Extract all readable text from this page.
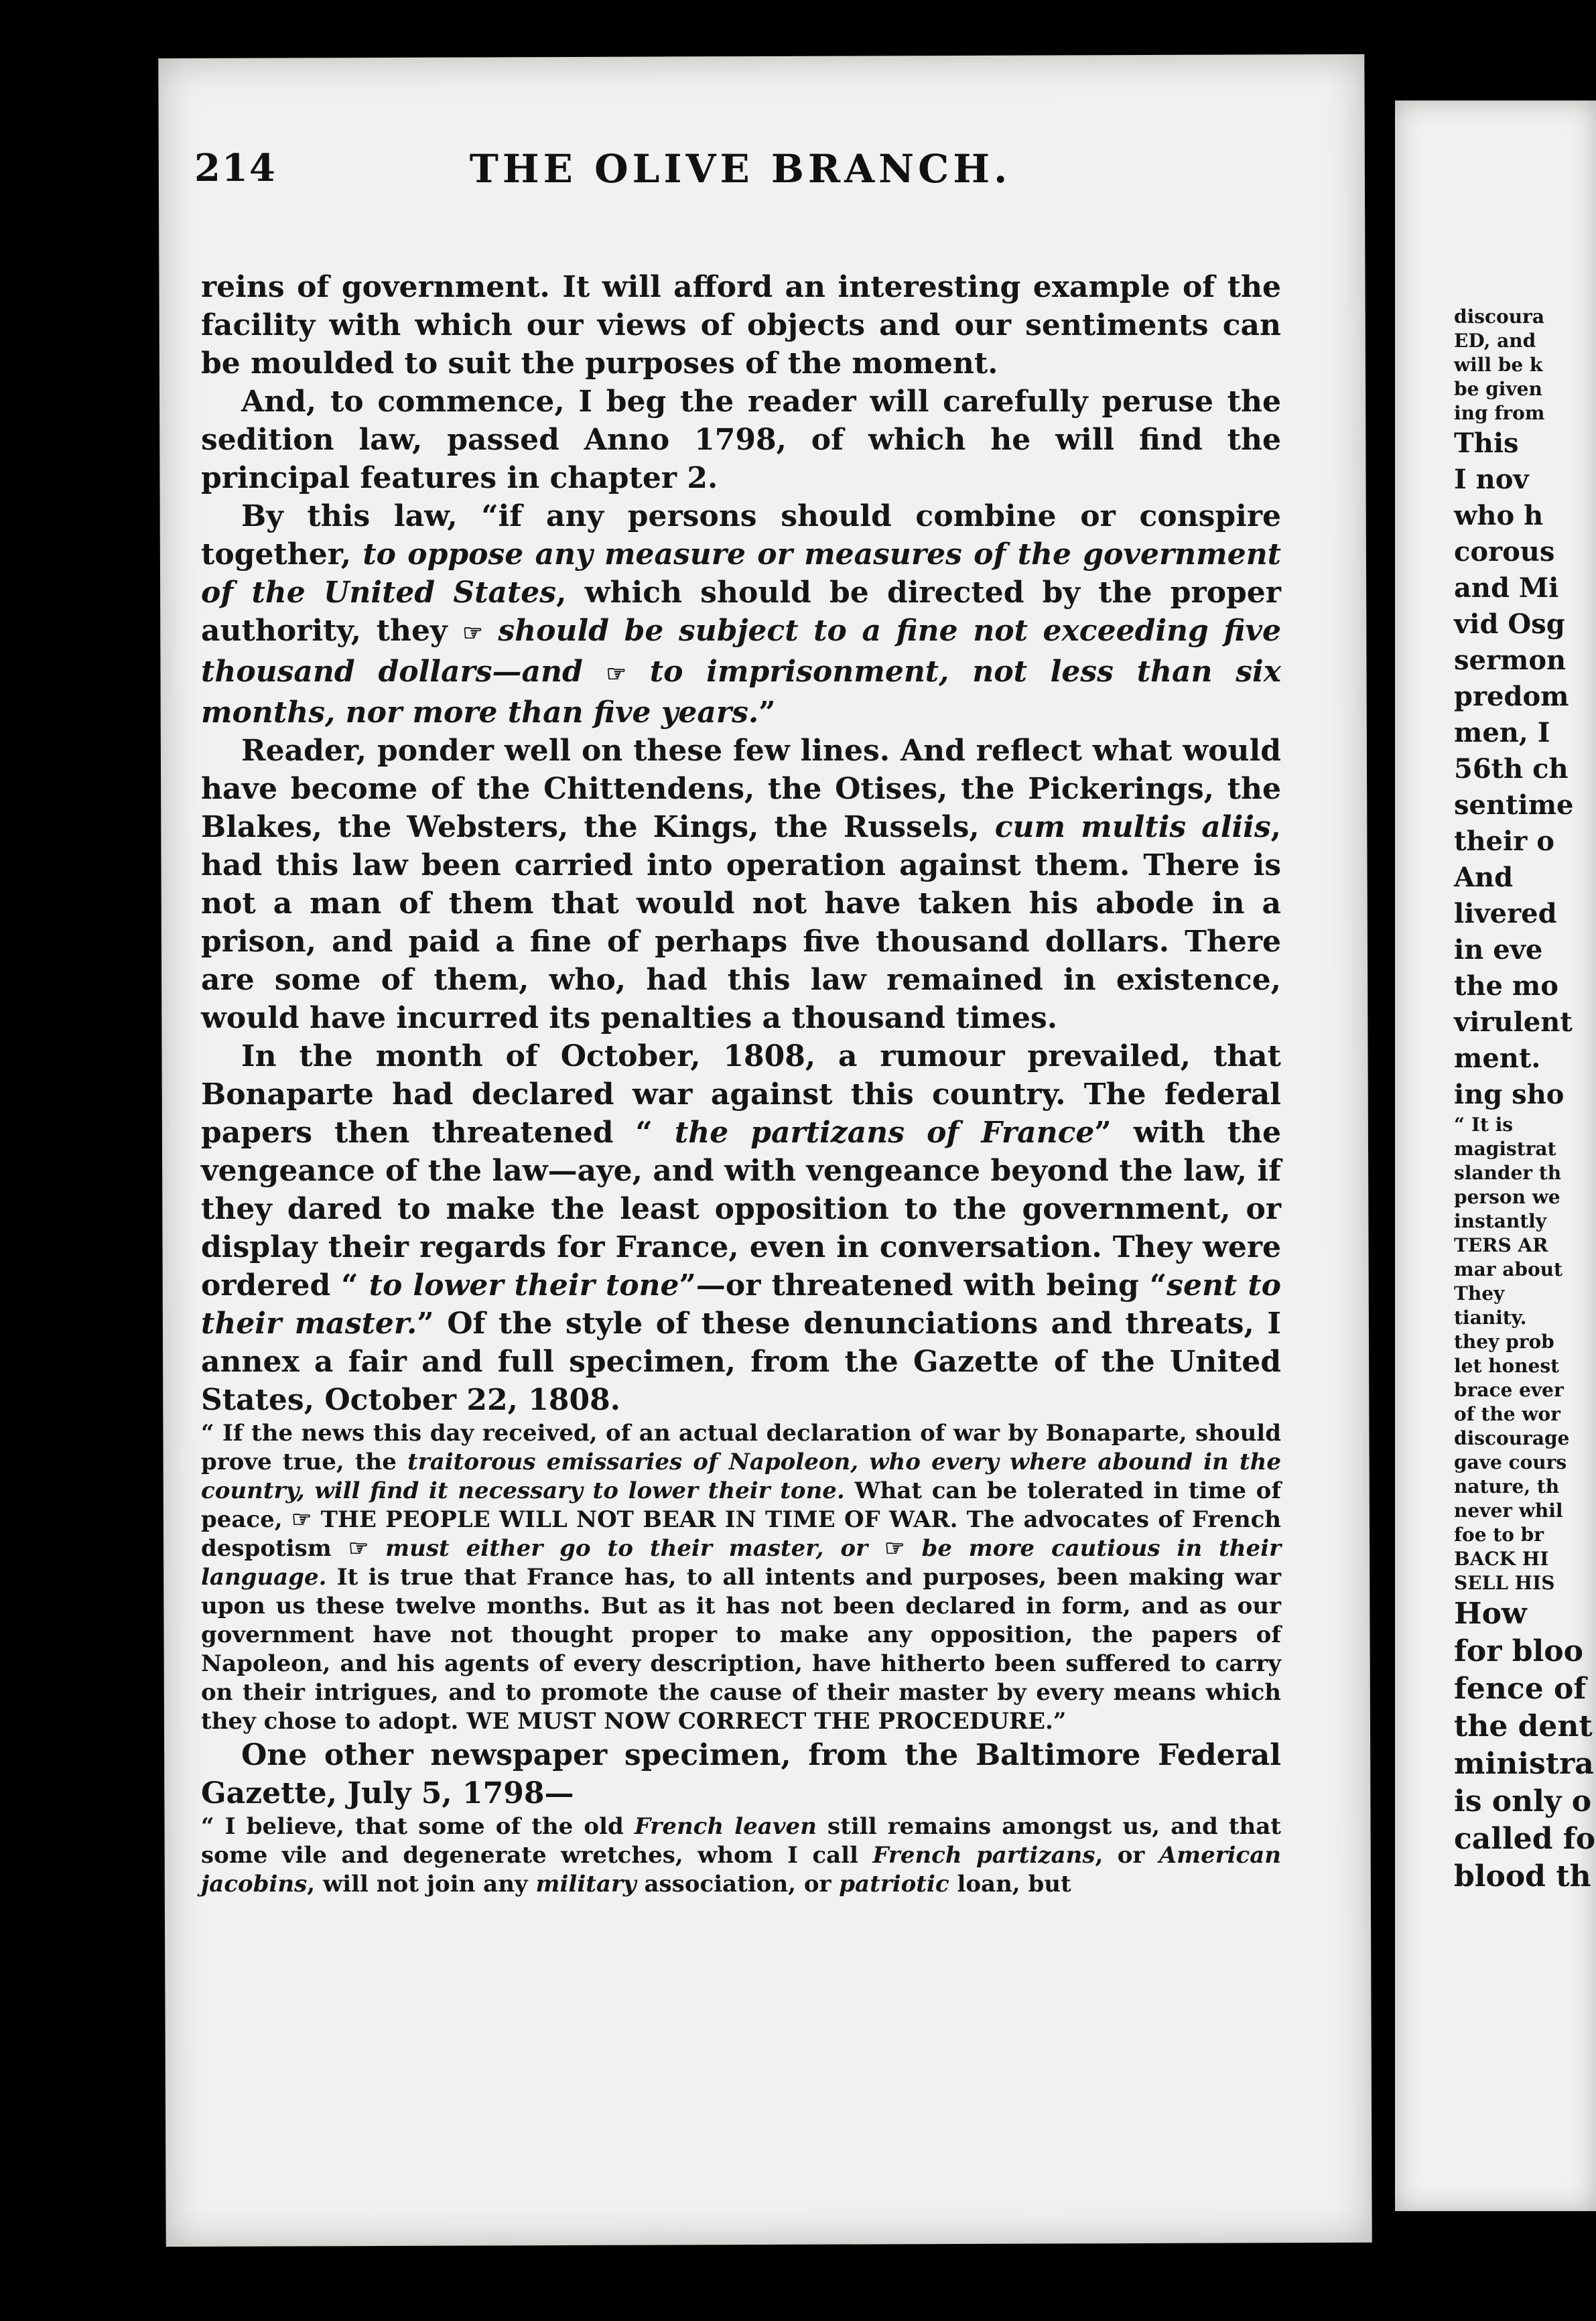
214	THE OLIVE BRANCH.

reins of government. It will afford an interesting example of the facility with which our views of objects and our sentiments can be moulded to suit the purposes of the moment.

And, to commence, I beg the reader will carefully peruse the sedition law, passed Anno 1798, of which he will find the principal features in chapter 2.

By this law, “if any persons should combine or conspire together, to oppose any measure or measures of the government of the United States, which should be directed by the proper authority, they ☞ should be subject to a fine not exceeding five thousand dollars—and ☞ to imprisonment, not less than six months, nor more than five years.”

Reader, ponder well on these few lines. And reflect what would have become of the Chittendens, the Otises, the Pickerings, the Blakes, the Websters, the Kings, the Russels, cum multis aliis, had this law been carried into operation against them. There is not a man of them that would not have taken his abode in a prison, and paid a fine of perhaps five thousand dollars. There are some of them, who, had this law remained in existence, would have incurred its penalties a thousand times.

In the month of October, 1808, a rumour prevailed, that Bonaparte had declared war against this country. The federal papers then threatened “ the partizans of France” with the vengeance of the law—aye, and with vengeance beyond the law, if they dared to make the least opposition to the government, or display their regards for France, even in conversation. They were ordered “ to lower their tone”—or threatened with being “sent to their master.” Of the style of these denunciations and threats, I annex a fair and full specimen, from the Gazette of the United States, October 22, 1808.

“ If the news this day received, of an actual declaration of war by Bonaparte, should prove true, the traitorous emissaries of Napoleon, who every where abound in the country, will find it necessary to lower their tone. What can be tolerated in time of peace, ☞ THE PEOPLE WILL NOT BEAR IN TIME OF WAR. The advocates of French despotism ☞ must either go to their master, or ☞ be more cautious in their language. It is true that France has, to all intents and purposes, been making war upon us these twelve months. But as it has not been declared in form, and as our government have not thought proper to make any opposition, the papers of Napoleon, and his agents of every description, have hitherto been suffered to carry on their intrigues, and to promote the cause of their master by every means which they chose to adopt. WE MUST NOW CORRECT THE PROCEDURE.”

One other newspaper specimen, from the Baltimore Federal Gazette, July 5, 1798—

“ I believe, that some of the old French leaven still remains amongst us, and that some vile and degenerate wretches, whom I call French partizans, or American jacobins, will not join any military association, or patriotic loan, but

discoura
ED, and
will be k
be given
ing from
This
I nov
who h
corous
and Mi
vid Osg
sermon
predom
men, I
56th ch
sentime
their o
And
livered
in eve
the mo
virulent
ment.
ing sho
“ It is
magistrat
slander th
person we
instantly
TERS AR
mar about
They
tianity.
they prob
let honest
brace ever
of the wor
discourage
gave cours
nature, th
never whil
foe to br
BACK HI
SELL HIS
How
for bloo
fence of
the dent
ministra
is only o
called fo
blood th
